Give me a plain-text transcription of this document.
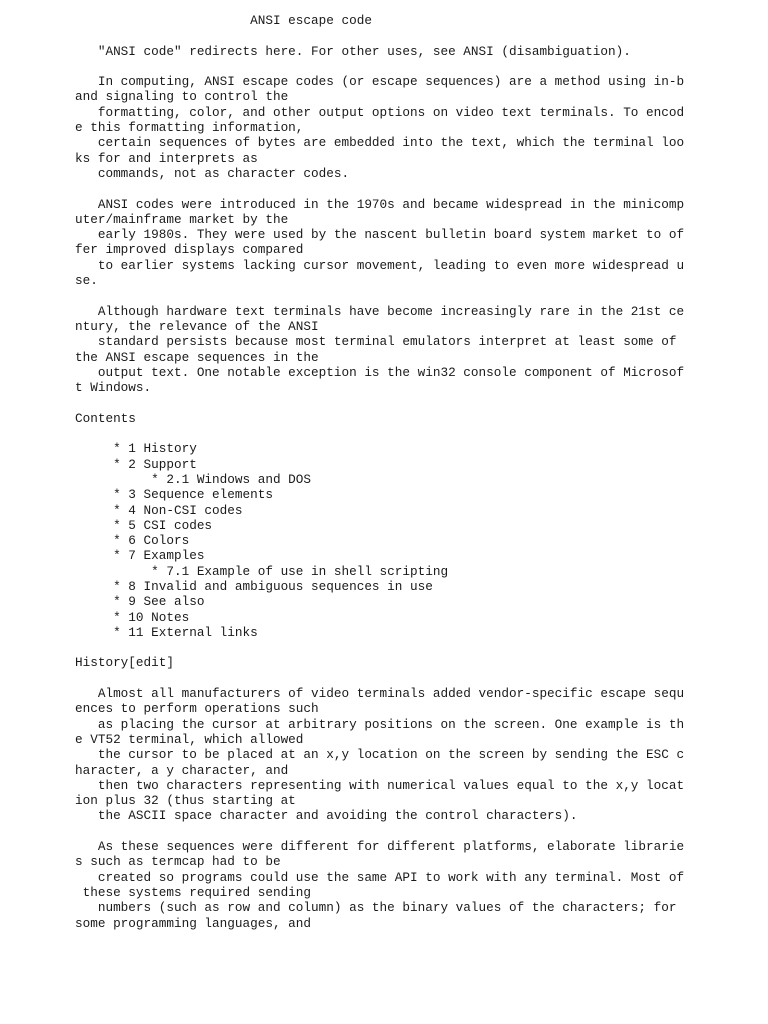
ANSI escape code
"ANSI code" redirects here. For other uses, see ANSI (disambiguation).
In computing, ANSI escape codes (or escape sequences) are a method using in-b
and signaling to control the
formatting, color, and other output options on video text terminals. To encod
e this formatting information,
certain sequences of bytes are embedded into the text, which the terminal loo
ks for and interprets as
commands, not as character codes.
ANSI codes were introduced in the 1970s and became widespread in the minicomp
uter/mainframe market by the
early 1980s. They were used by the nascent bulletin board system market to of
fer improved displays compared
to earlier systems lacking cursor movement, leading to even more widespread u
se.
Although hardware text terminals have become increasingly rare in the 21st ce
ntury, the relevance of the ANSI
standard persists because most terminal emulators interpret at least some of
the ANSI escape sequences in the
output text. One notable exception is the win32 console component of Microsof
t Windows.
Contents
* 1 History
* 2 Support
* 2.1 Windows and DOS
* 3 Sequence elements
* 4 Non-CSI codes
* 5 CSI codes
* 6 Colors
* 7 Examples
* 7.1 Example of use in shell scripting
* 8 Invalid and ambiguous sequences in use
* 9 See also
* 10 Notes
* 11 External links
History[edit]
Almost all manufacturers of video terminals added vendor-specific escape sequ
ences to perform operations such
as placing the cursor at arbitrary positions on the screen. One example is th
e VT52 terminal, which allowed
the cursor to be placed at an x,y location on the screen by sending the ESC c
haracter, a y character, and
then two characters representing with numerical values equal to the x,y locat
ion plus 32 (thus starting at
the ASCII space character and avoiding the control characters).
As these sequences were different for different platforms, elaborate librarie
s such as termcap had to be
created so programs could use the same API to work with any terminal. Most of
these systems required sending
numbers (such as row and column) as the binary values of the characters; for
some programming languages, and
